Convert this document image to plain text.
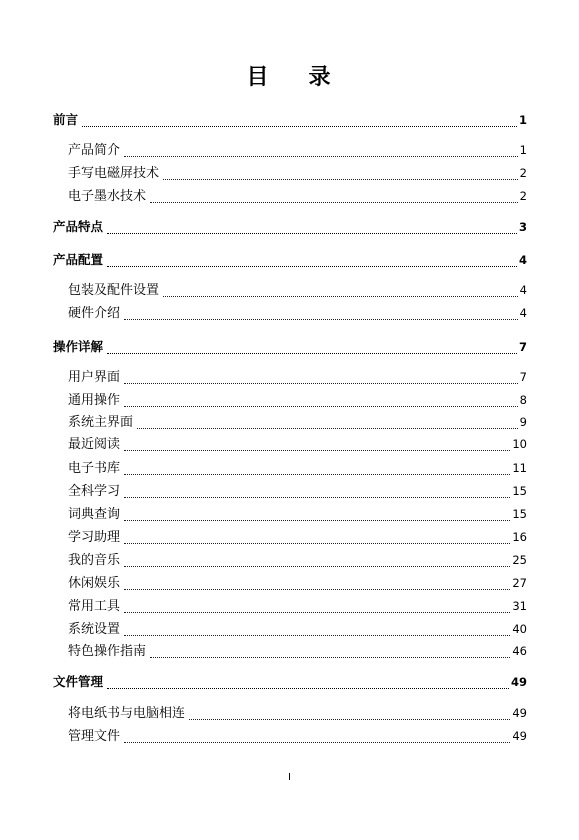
目 录
前言	1
产品简介	1
手写电磁屏技术	2
电子墨水技术	2
产品特点	3
产品配置	4
包装及配件设置	4
硬件介绍	4
操作详解	7
用户界面	7
通用操作	8
系统主界面	9
最近阅读	10
电子书库	11
全科学习	15
词典查询	15
学习助理	16
我的音乐	25
休闲娱乐	27
常用工具	31
系统设置	40
特色操作指南	46
文件管理	49
将电纸书与电脑相连	49
管理文件	49
I
